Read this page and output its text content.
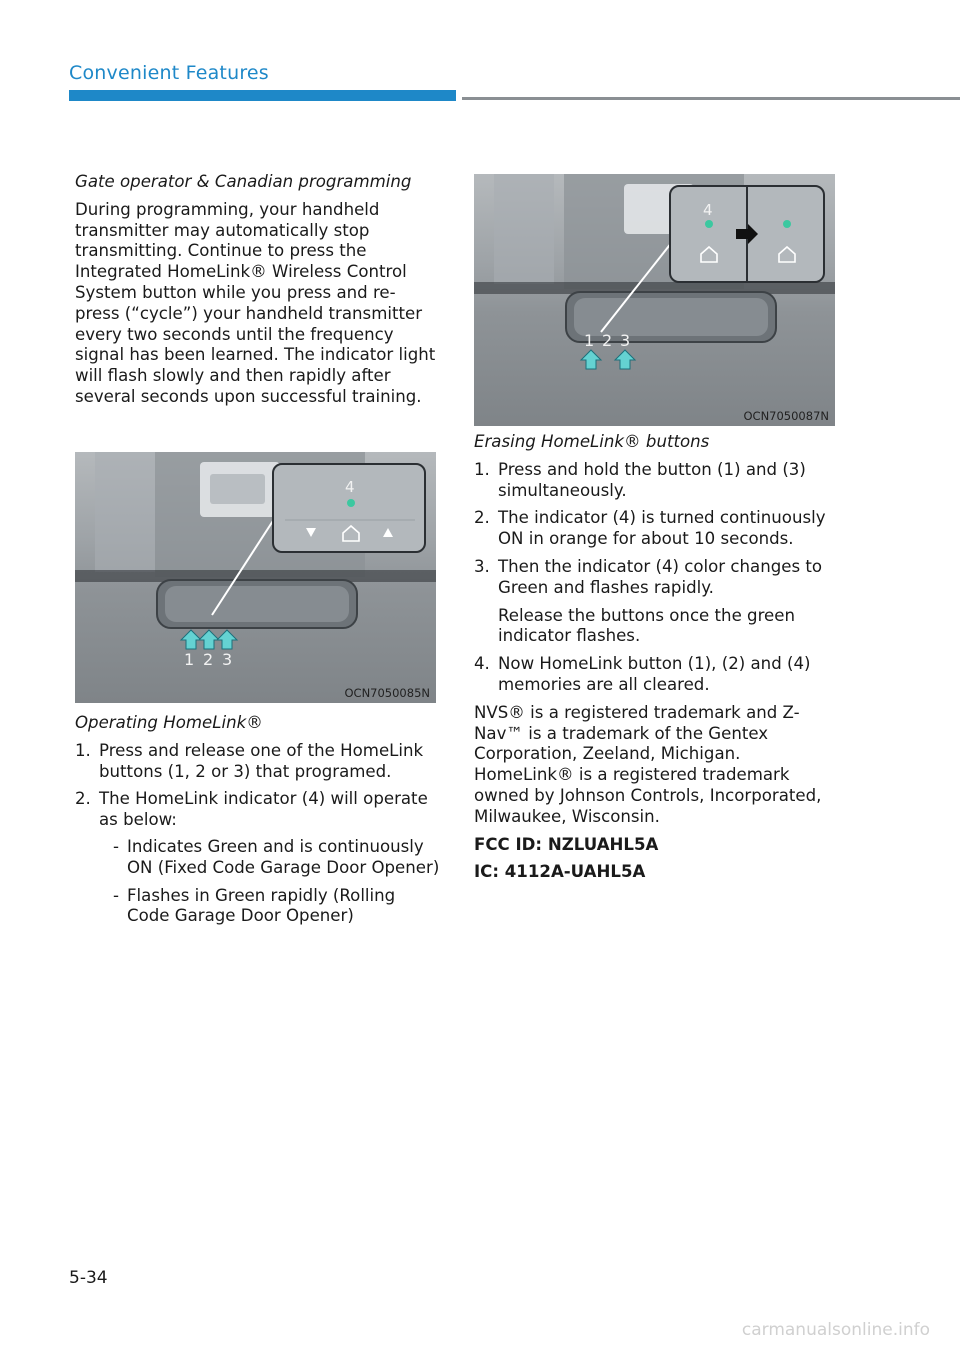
Convenient Features

Gate operator & Canadian programming

During programming, your handheld transmitter may automatically stop transmitting. Continue to press the Integrated HomeLink® Wireless Control System button while you press and re-press (“cycle”) your handheld transmitter every two seconds until the frequency signal has been learned. The indicator light will flash slowly and then rapidly after several seconds upon successful training.

1 2 3
4
OCN7050085N

Operating HomeLink®

1. Press and release one of the HomeLink buttons (1, 2 or 3) that programed.
2. The HomeLink indicator (4) will operate as below:
- Indicates Green and is continuously ON (Fixed Code Garage Door Opener)
- Flashes in Green rapidly (Rolling Code Garage Door Opener)
1 2 3
4
OCN7050087N

Erasing HomeLink® buttons

1. Press and hold the button (1) and (3) simultaneously.
2. The indicator (4) is turned continuously ON in orange for about 10 seconds.
3. Then the indicator (4) color changes to Green and flashes rapidly.
Release the buttons once the green indicator flashes.
4. Now HomeLink button (1), (2) and (4) memories are all cleared.

NVS® is a registered trademark and Z-Nav™ is a trademark of the Gentex Corporation, Zeeland, Michigan. HomeLink® is a registered trademark owned by Johnson Controls, Incorporated, Milwaukee, Wisconsin.

FCC ID: NZLUAHL5A

IC: 4112A-UAHL5A

5-34
carmanualsonline.info
